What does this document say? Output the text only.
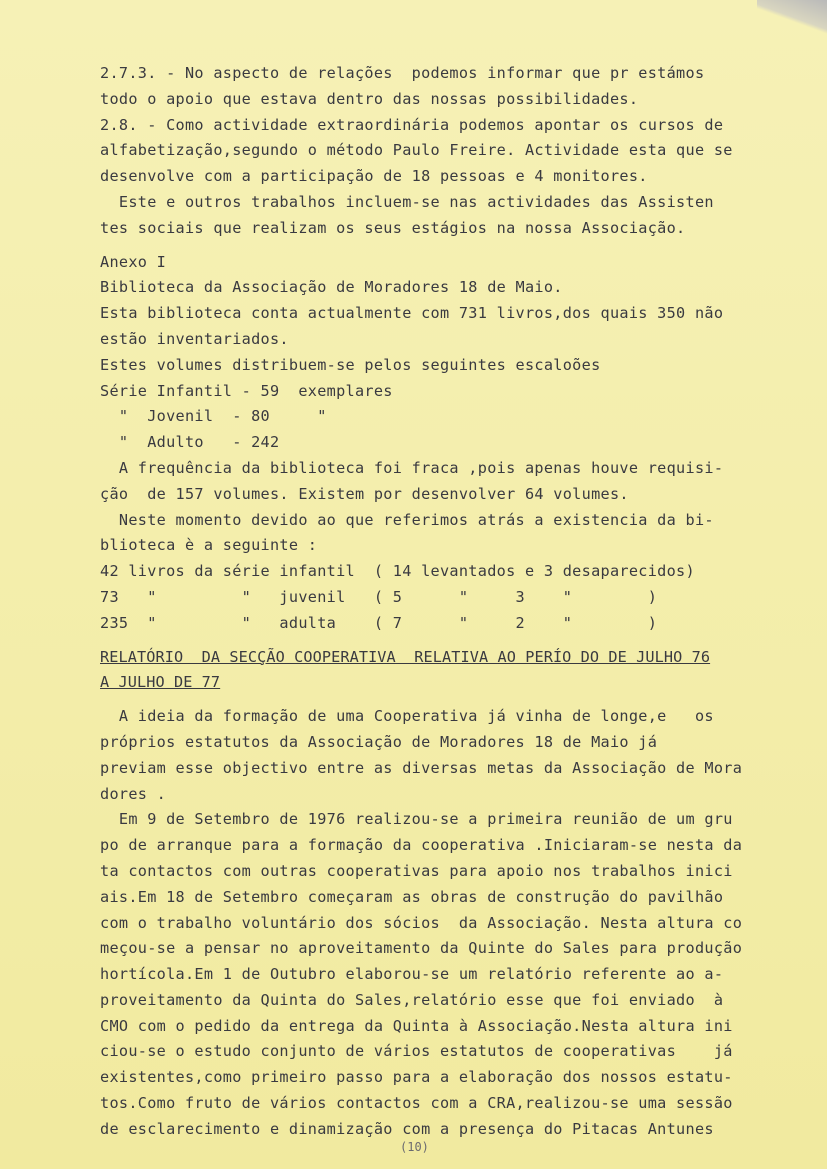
2.7.3. - No aspecto de relações  podemos informar que pr estámos
todo o apoio que estava dentro das nossas possibilidades.
2.8. - Como actividade extraordinária podemos apontar os cursos de
alfabetização,segundo o método Paulo Freire. Actividade esta que se
desenvolve com a participação de 18 pessoas e 4 monitores.
Este e outros trabalhos incluem-se nas actividades das Assisten
tes sociais que realizam os seus estágios na nossa Associação.
Anexo I
Biblioteca da Associação de Moradores 18 de Maio.
Esta biblioteca conta actualmente com 731 livros,dos quais 350 não
estão inventariados.
Estes volumes distribuem-se pelos seguintes escaloões
Série Infantil - 59  exemplares
"  Jovenil  - 80     "
"  Adulto   - 242
A frequência da biblioteca foi fraca ,pois apenas houve requisi-
ção  de 157 volumes. Existem por desenvolver 64 volumes.
Neste momento devido ao que referimos atrás a existencia da bi-
blioteca è a seguinte :
42 livros da série infantil  ( 14 levantados e 3 desaparecidos)
73   "         "   juvenil   ( 5      "     3    "        )
235  "         "   adulta    ( 7      "     2    "        )
RELATÓRIO  DA SECÇÃO COOPERATIVA  RELATIVA AO PERÍO DO DE JULHO 76
A JULHO DE 77
A ideia da formação de uma Cooperativa já vinha de longe,e   os
próprios estatutos da Associação de Moradores 18 de Maio já
previam esse objectivo entre as diversas metas da Associação de Mora
dores .
Em 9 de Setembro de 1976 realizou-se a primeira reunião de um gru
po de arranque para a formação da cooperativa .Iniciaram-se nesta da
ta contactos com outras cooperativas para apoio nos trabalhos inici
ais.Em 18 de Setembro começaram as obras de construção do pavilhão
com o trabalho voluntário dos sócios  da Associação. Nesta altura co
meçou-se a pensar no aproveitamento da Quinte do Sales para produção
hortícola.Em 1 de Outubro elaborou-se um relatório referente ao a-
proveitamento da Quinta do Sales,relatório esse que foi enviado  à
CMO com o pedido da entrega da Quinta à Associação.Nesta altura ini
ciou-se o estudo conjunto de vários estatutos de cooperativas    já
existentes,como primeiro passo para a elaboração dos nossos estatu-
tos.Como fruto de vários contactos com a CRA,realizou-se uma sessão
de esclarecimento e dinamização com a presença do Pitacas Antunes
(10)
